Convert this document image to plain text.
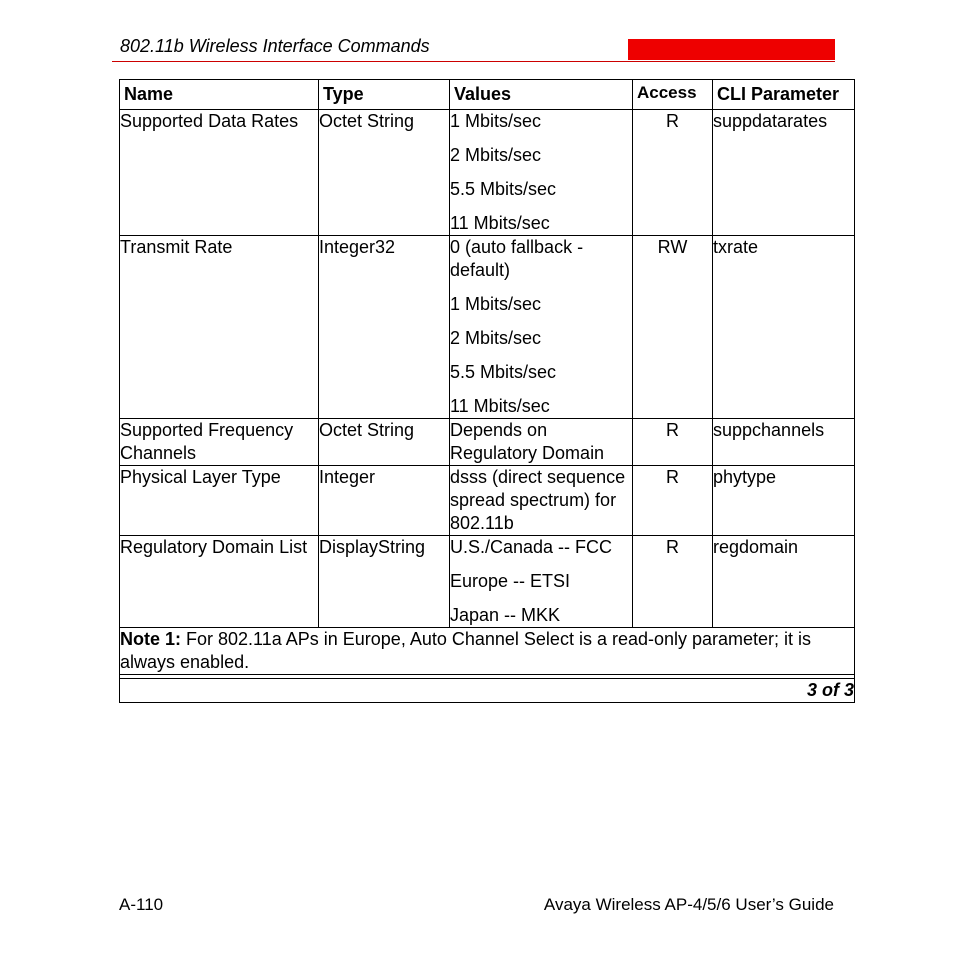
802.11b Wireless Interface Commands
Name	Type	Values	Access	CLI Parameter
Supported Data Rates	Octet String	1 Mbits/sec
2 Mbits/sec
5.5 Mbits/sec
11 Mbits/sec	R	suppdatarates
Transmit Rate	Integer32	0 (auto fallback - default)
1 Mbits/sec
2 Mbits/sec
5.5 Mbits/sec
11 Mbits/sec	RW	txrate
Supported Frequency Channels	Octet String	Depends on Regulatory Domain	R	suppchannels
Physical Layer Type	Integer	dsss (direct sequence spread spectrum) for 802.11b	R	phytype
Regulatory Domain List	DisplayString	U.S./Canada -- FCC
Europe -- ETSI
Japan -- MKK	R	regdomain
Note 1: For 802.11a APs in Europe, Auto Channel Select is a read-only parameter; it is always enabled.				

3 of 3				
A-110	Avaya Wireless AP-4/5/6 User’s Guide
